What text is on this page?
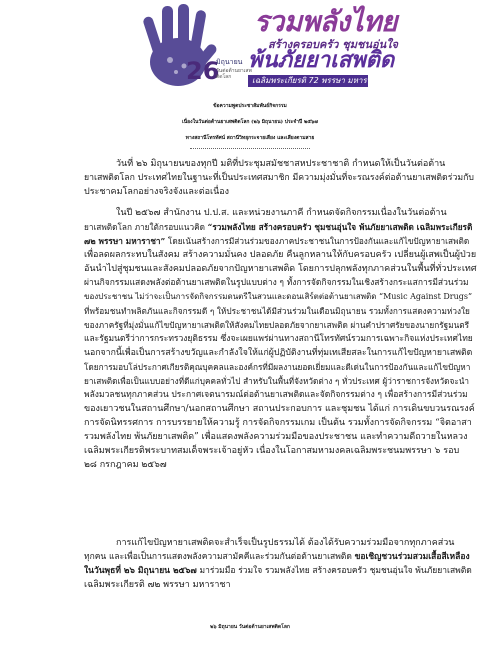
26
มิถุนายน
วันต่อต้านยาเสพติดโลก
รวมพลังไทย
สร้างครอบครัว ชุมชนอุ่นใจ
พ้นภัยยาเสพติด
เฉลิมพระเกียรติ 72 พรรษา มหาราชา
ข้อความพูดประชาสัมพันธ์กิจกรรม
เนื่องในวันต่อต้านยาเสพติดโลก (๒๖ มิถุนายน) ประจำปี ๒๕๖๗
ทางสถานีโทรทัศน์ สถานีวิทยุกระจายเสียง และเสียงตามสาย
วันที่ ๒๖ มิถุนายนของทุกปี มติที่ประชุมสมัชชาสหประชาชาติ กำหนดให้เป็นวันต่อต้าน
ยาเสพติดโลก ประเทศไทยในฐานะที่เป็นประเทศสมาชิก มีความมุ่งมั่นที่จะรณรงค์ต่อต้านยาเสพติดร่วมกับ
ประชาคมโลกอย่างจริงจังและต่อเนื่อง
ในปี ๒๕๖๗ สำนักงาน ป.ป.ส. และหน่วยงานภาคี กำหนดจัดกิจกรรมเนื่องในวันต่อต้าน
ยาเสพติดโลก ภายใต้กรอบแนวคิด “รวมพลังไทย สร้างครอบครัว ชุมชนอุ่นใจ พ้นภัยยาเสพติด เฉลิมพระเกียรติ
๗๒ พรรษา มหาราชา” โดยเน้นสร้างการมีส่วนร่วมของภาคประชาชนในการป้องกันและแก้ไขปัญหายาเสพติด
เพื่อลดผลกระทบในสังคม สร้างความมั่นคง ปลอดภัย คืนลูกหลานให้กับครอบครัว เปลี่ยนผู้เสพเป็นผู้ป่วย
อันนำไปสู่ชุมชนและสังคมปลอดภัยจากปัญหายาเสพติด โดยการปลุกพลังทุกภาคส่วนในพื้นที่ทั่วประเทศ
ผ่านกิจกรรมแสดงพลังต่อต้านยาเสพติดในรูปแบบต่าง ๆ ทั้งการจัดกิจกรรมในเชิงสร้างกระแสการมีส่วนร่วม
ของประชาชน ไม่ว่าจะเป็นการจัดกิจกรรมดนตรีในสวนและดอนเสิร์ตต่อต้านยาเสพติด “Music Against Drugs”
ที่พร้อมชนทำพลิตภันและกิจกรรมดี ๆ ให้ประชาชนได้มีส่วนร่วมในเดือนมิถุนายน รวมทั้งการแสดงความห่วงใย
ของภาครัฐที่มุ่งมั่นแก้ไขปัญหายาเสพติดให้สังคมไทยปลอดภัยจากยาเสพติด ผ่านคำปราศรัยของนายกรัฐมนตรี
และรัฐมนตรีว่าการกระทรวงยุติธรรม ซึ่งจะเผยแพร่ผ่านทางสถานีโทรทัศน์รวมการเฉพาะกิจแห่งประเทศไทย
นอกจากนี้เพื่อเป็นการสร้างขวัญและกำลังใจให้แก่ผู้ปฏิบัติงานที่ทุ่มเทเสียสละในการแก้ไขปัญหายาเสพติด
โดยการมอบโล่ประกาศเกียรติคุณบุคคลและองค์กรที่มีผลงานยอดเยี่ยมและดีเด่นในการป้องกันและแก้ไขปัญหา
ยาเสพติดเพื่อเป็นแบบอย่างที่ดีแก่บุคคลทั่วไป สำหรับในพื้นที่จังหวัดต่าง ๆ ทั่วประเทศ ผู้ว่าราชการจังหวัดจะนำ
พลังมวลชนทุกภาคส่วน ประกาศเจตนารมณ์ต่อต้านยาเสพติดและจัดกิจกรรมต่าง ๆ เพื่อสร้างการมีส่วนร่วม
ของเยาวชนในสถานศึกษา/นอกสถานศึกษา สถานประกอบการ และชุมชน ได้แก่ การเดินขบวนรณรงค์
การจัดนิทรรศการ การบรรยายให้ความรู้ การจัดกิจกรรมเกม เป็นต้น รวมทั้งการจัดกิจกรรม “จิตอาสา
รวมพลังไทย พ้นภัยยาเสพติด” เพื่อแสดงพลังความร่วมมือของประชาชน และทำความดีถวายในหลวง
เฉลิมพระเกียรติพระบาทสมเด็จพระเจ้าอยู่หัว เนื่องในโอกาสมหามงคลเฉลิมพระชนมพรรษา ๖ รอบ
๒๘ กรกฎาคม ๒๕๖๗
การแก้ไขปัญหายาเสพติดจะสำเร็จเป็นรูปธรรมได้ ต้องได้รับความร่วมมือจากทุกภาคส่วน
ทุกคน และเพื่อเป็นการแสดงพลังความสามัคคีและร่วมกันต่อต้านยาเสพติด ขอเชิญชวนร่วมสวมเสื้อสีเหลือง
ในวันพุธที่ ๒๖ มิถุนายน ๒๕๖๗ มาร่วมมือ ร่วมใจ รวมพลังไทย สร้างครอบครัว ชุมชนอุ่นใจ พ้นภัยยาเสพติด
เฉลิมพระเกียรติ ๗๒ พรรษา มหาราชา
๒๖ มิถุนายน วันต่อต้านยาเสพติดโลก
